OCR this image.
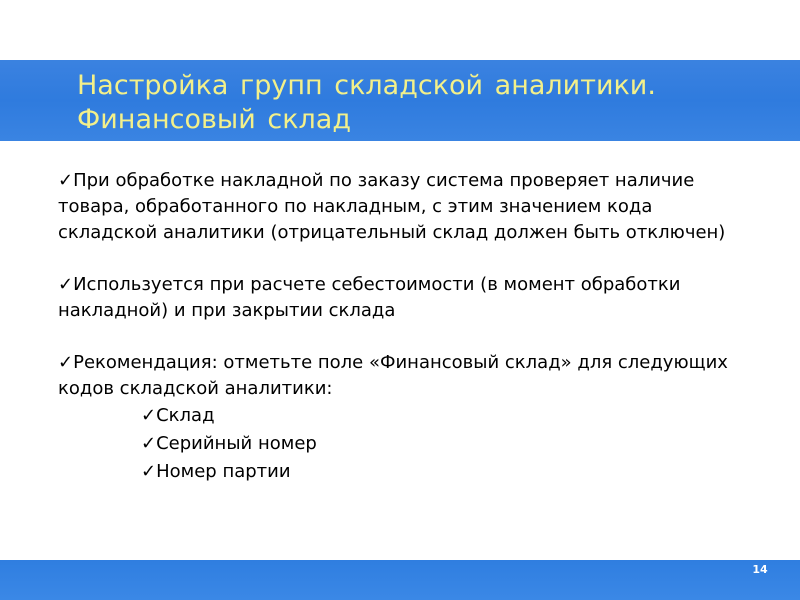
Настройка групп складской аналитики.
Финансовый склад

✓При обработке накладной по заказу система проверяет наличие товара, обработанного по накладным, с этим значением кода складской аналитики (отрицательный склад должен быть отключен)

✓Используется при расчете себестоимости (в момент обработки накладной) и при закрытии склада

✓Рекомендация: отметьте поле «Финансовый склад» для следующих кодов складской аналитики:

✓Склад
✓Серийный номер
✓Номер партии
14
